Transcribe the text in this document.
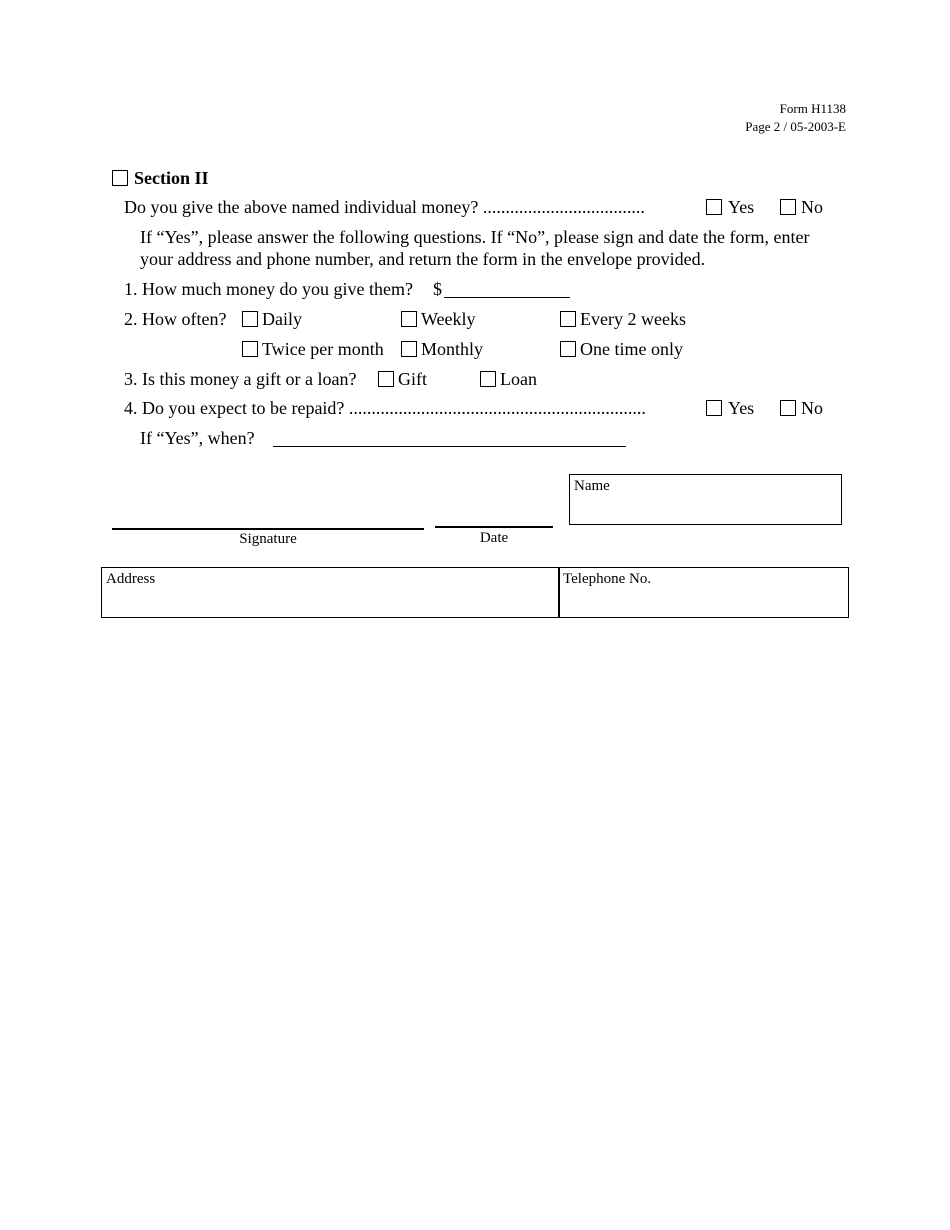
Form H1138
Page 2 / 05-2003-E
Section II
Do you give the above named individual money? ....................................	Yes	No
If “Yes”, please answer the following questions. If “No”, please sign and date the form, enter
your address and phone number, and return the form in the envelope provided.
1. How much money do you give them? $
2. How often? Daily	Weekly	Every 2 weeks
Twice per month Monthly	One time only
3. Is this money a gift or a loan? Gift	Loan
4. Do you expect to be repaid? ..................................................................	Yes	No
If “Yes”, when?
Name
Signature	Date
Address	Telephone No.
